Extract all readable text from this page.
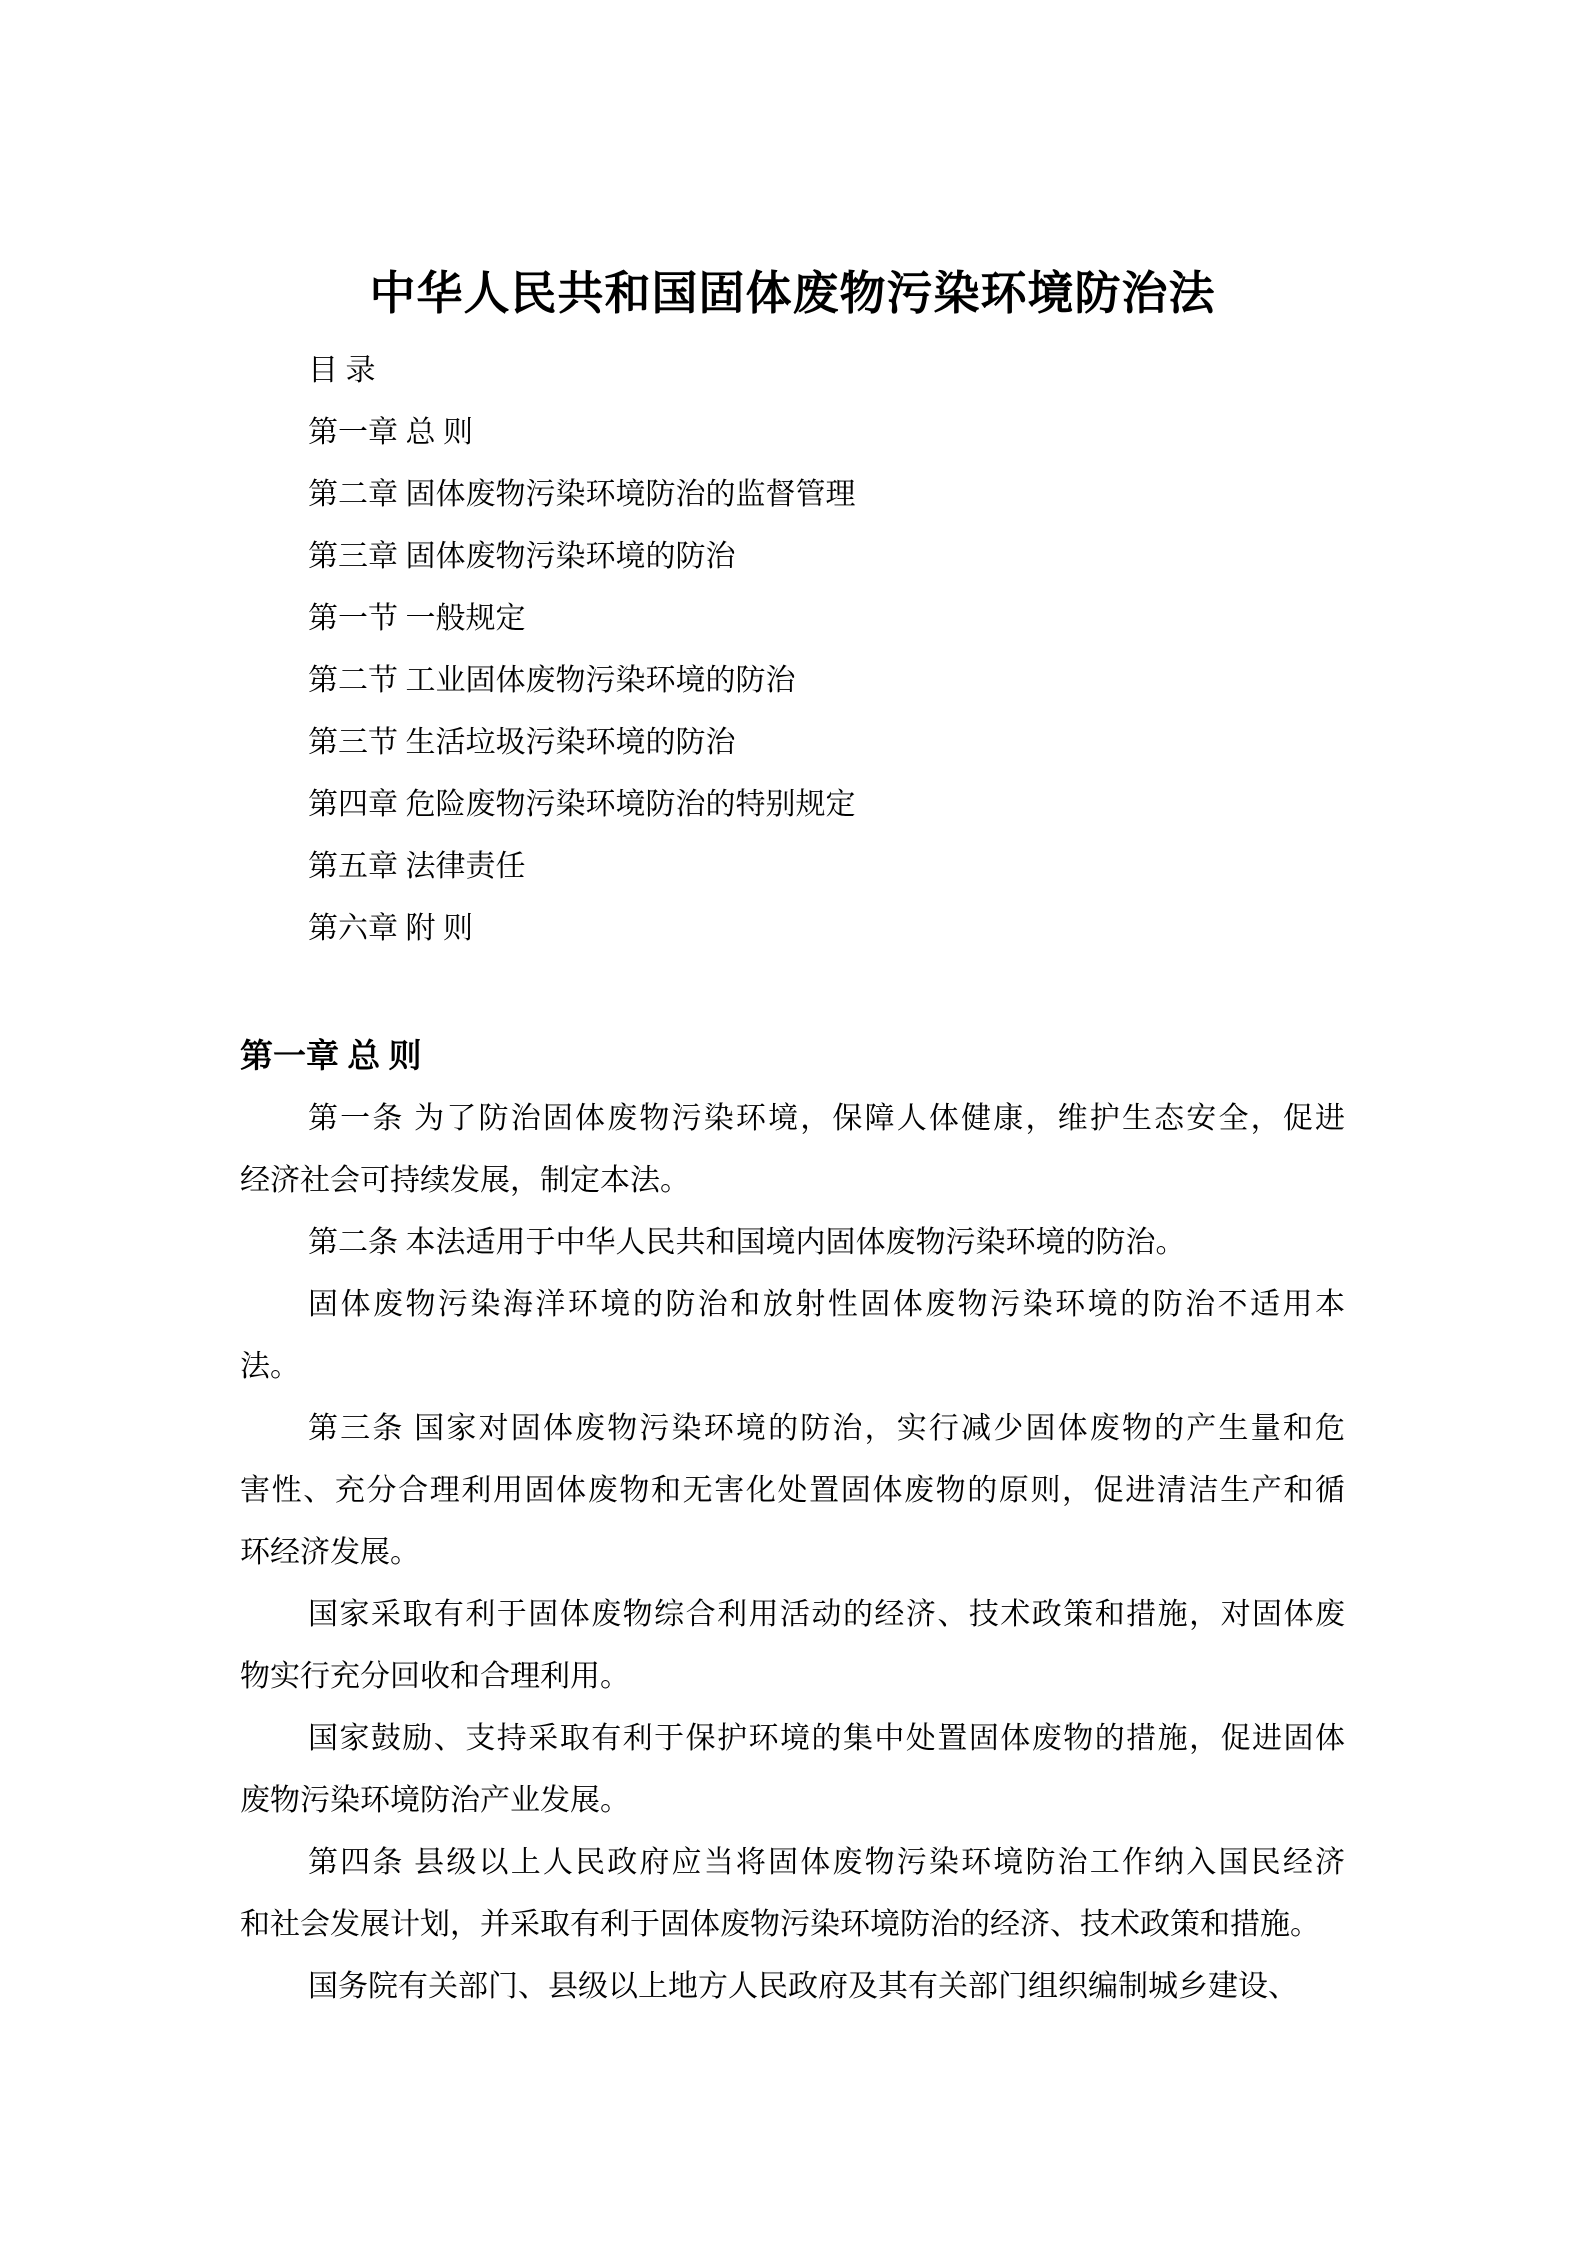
中华人民共和国固体废物污染环境防治法
目 录
第一章 总 则
第二章 固体废物污染环境防治的监督管理
第三章 固体废物污染环境的防治
第一节 一般规定
第二节 工业固体废物污染环境的防治
第三节 生活垃圾污染环境的防治
第四章 危险废物污染环境防治的特别规定
第五章 法律责任
第六章 附 则
第一章 总 则
第一条 为了防治固体废物污染环境，保障人体健康，维护生态安全，促进
经济社会可持续发展，制定本法。
第二条 本法适用于中华人民共和国境内固体废物污染环境的防治。
固体废物污染海洋环境的防治和放射性固体废物污染环境的防治不适用本
法。
第三条 国家对固体废物污染环境的防治，实行减少固体废物的产生量和危
害性、充分合理利用固体废物和无害化处置固体废物的原则，促进清洁生产和循
环经济发展。
国家采取有利于固体废物综合利用活动的经济、技术政策和措施，对固体废
物实行充分回收和合理利用。
国家鼓励、支持采取有利于保护环境的集中处置固体废物的措施，促进固体
废物污染环境防治产业发展。
第四条 县级以上人民政府应当将固体废物污染环境防治工作纳入国民经济
和社会发展计划，并采取有利于固体废物污染环境防治的经济、技术政策和措施。
国务院有关部门、县级以上地方人民政府及其有关部门组织编制城乡建设、
